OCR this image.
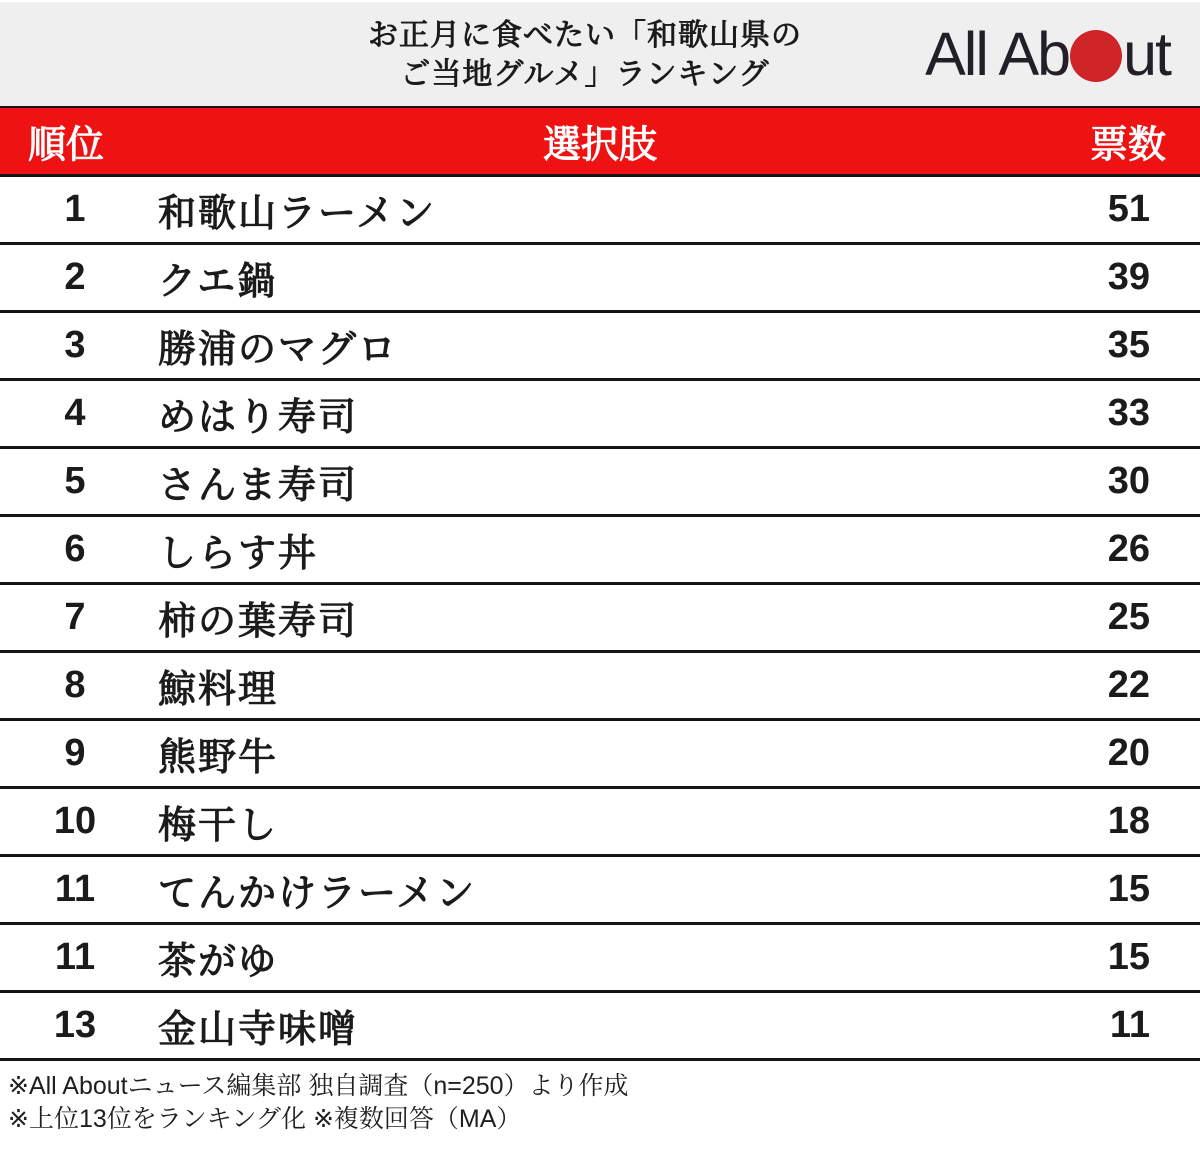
お正月に食べたい「和歌山県の
ご当地グルメ」ランキング	All Ab ut
順位	選択肢	票数
1	和歌山ラーメン	51
2	クエ鍋	39
3	勝浦のマグロ	35
4	めはり寿司	33
5	さんま寿司	30
6	しらす丼	26
7	柿の葉寿司	25
8	鯨料理	22
9	熊野牛	20
10	梅干し	18
11	てんかけラーメン	15
11	茶がゆ	15
13	金山寺味噌	11
※All Aboutニュース編集部 独自調査（n=250）より作成
※上位13位をランキング化 ※複数回答（MA）
